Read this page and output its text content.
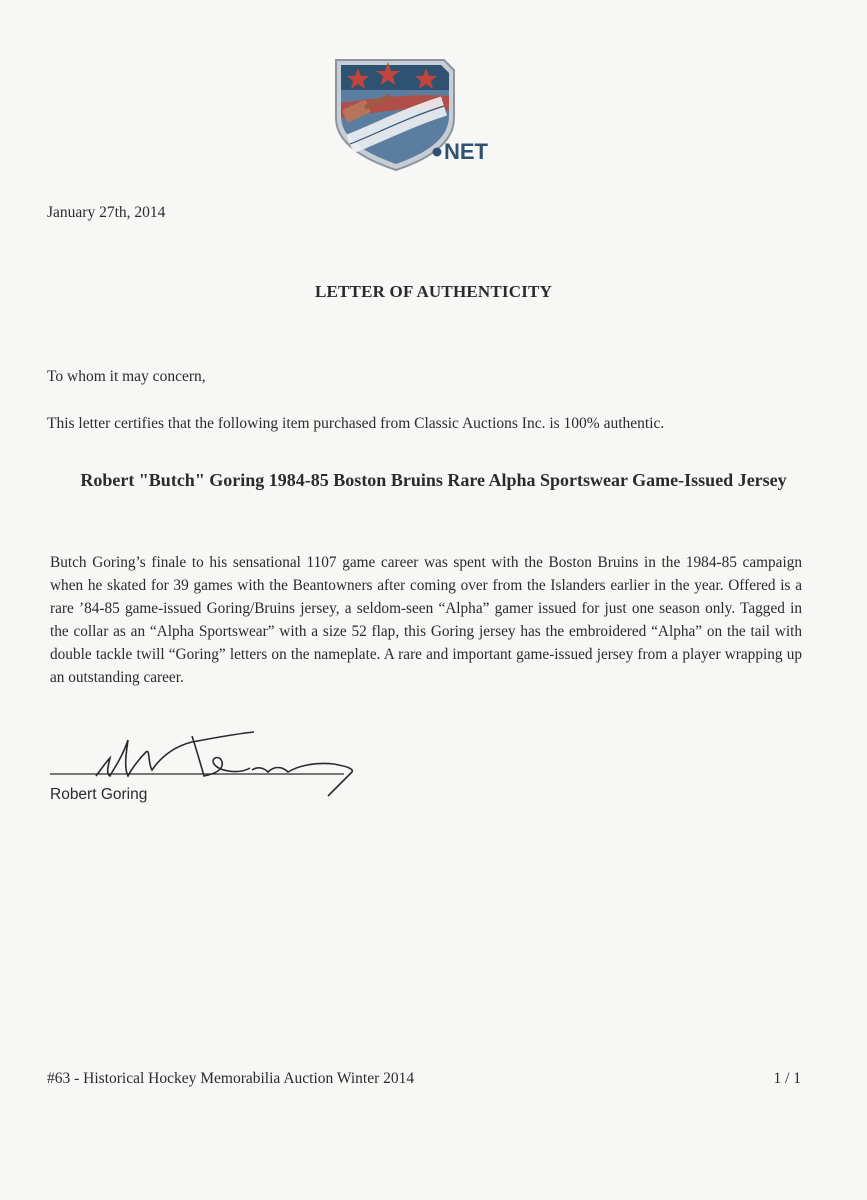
NET
January 27th, 2014
LETTER OF AUTHENTICITY
To whom it may concern,
This letter certifies that the following item purchased from Classic Auctions Inc. is 100% authentic.
Robert "Butch" Goring 1984-85 Boston Bruins Rare Alpha Sportswear Game-Issued Jersey
Butch Goring’s finale to his sensational 1107 game career was spent with the Boston Bruins in the 1984-85 campaign when he skated for 39 games with the Beantowners after coming over from the Islanders earlier in the year. Offered is a rare ’84-85 game-issued Goring/Bruins jersey, a seldom-seen “Alpha” gamer issued for just one season only. Tagged in the collar as an “Alpha Sportswear” with a size 52 flap, this Goring jersey has the embroidered “Alpha” on the tail with double tackle twill “Goring” letters on the nameplate. A rare and important game-issued jersey from a player wrapping up an outstanding career.
Robert Goring
#63 - Historical Hockey Memorabilia Auction Winter 2014	1 / 1
